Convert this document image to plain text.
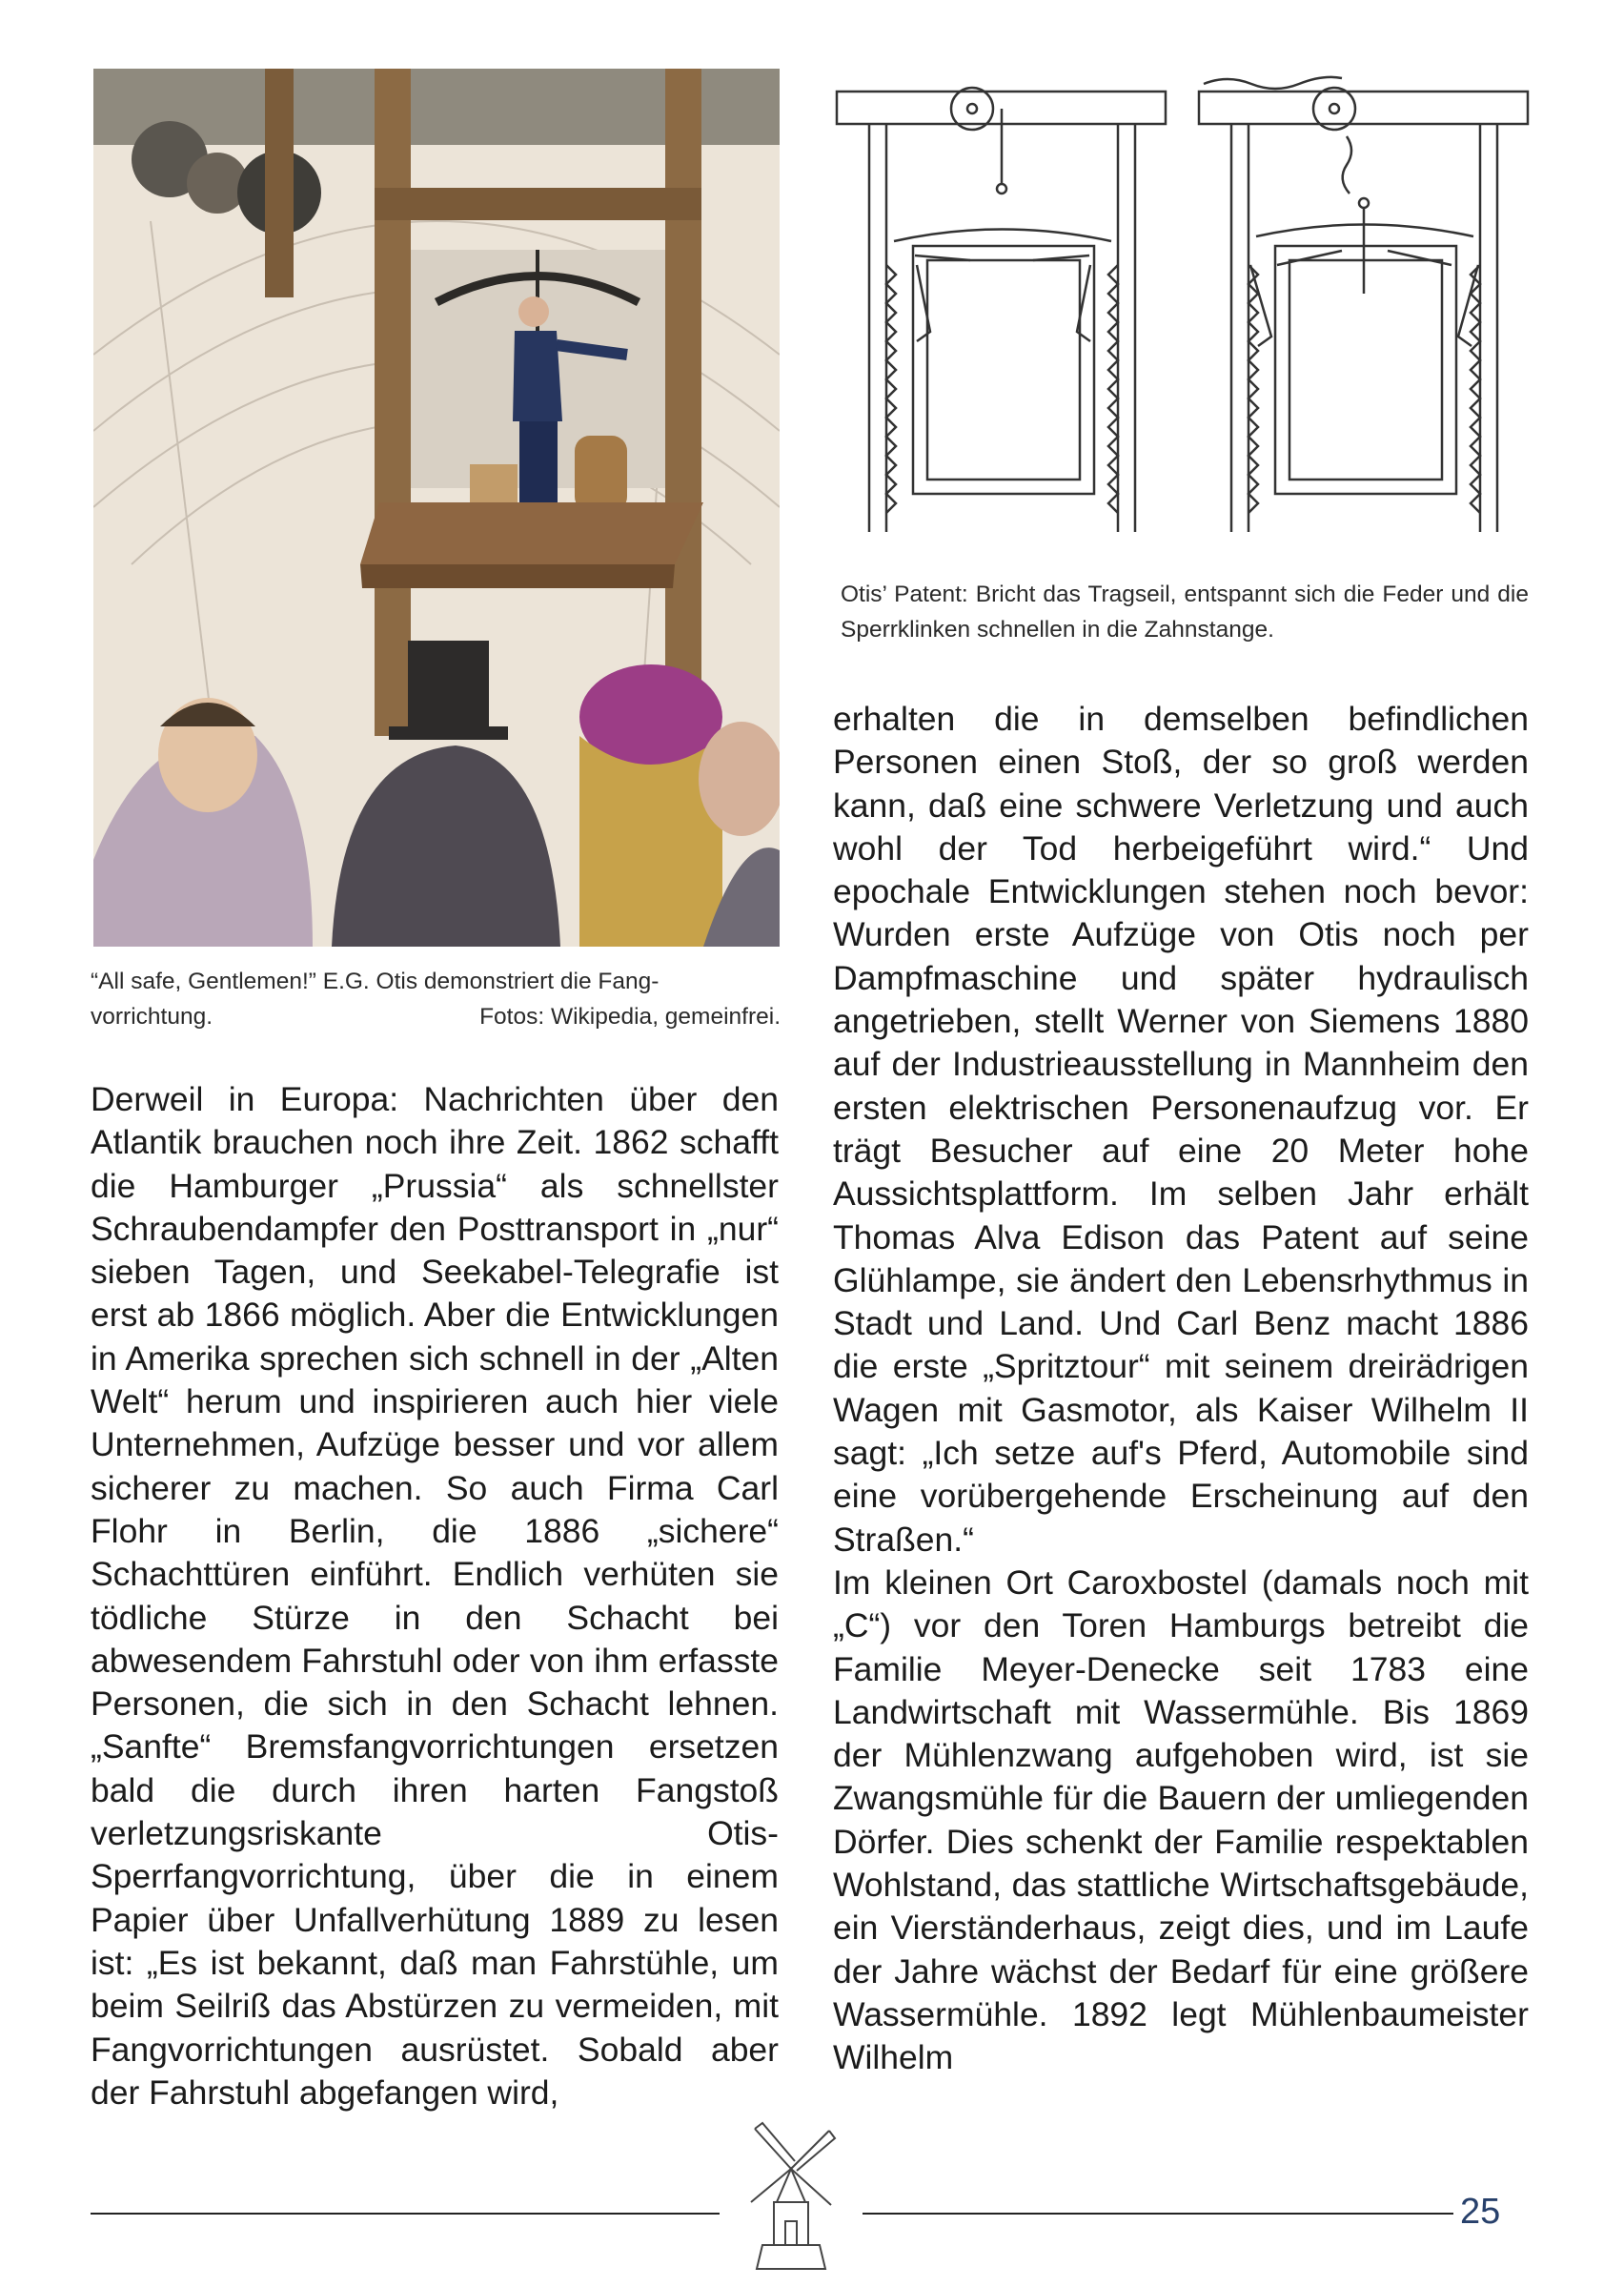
Otis’ Patent: Bricht das Tragseil, entspannt sich die Feder und die Sperrklinken schnellen in die Zahnstange.
“All safe, Gentlemen!” E.G. Otis demonstriert die Fang-
vorrichtung.	Fotos: Wikipedia, gemeinfrei.

Derweil in Europa: Nachrichten über den Atlantik brauchen noch ihre Zeit. 1862 schafft die Hamburger „Prussia“ als schnellster Schraubendampfer den Posttransport in „nur“ sieben Tagen, und Seekabel-Telegrafie ist erst ab 1866 möglich. Aber die Entwicklungen in Amerika sprechen sich schnell in der „Alten Welt“ herum und inspirieren auch hier viele Unternehmen, Aufzüge besser und vor allem sicherer zu machen. So auch Firma Carl Flohr in Berlin, die 1886 „sichere“ Schachttüren einführt. Endlich verhüten sie tödliche Stürze in den Schacht bei abwesendem Fahrstuhl oder von ihm erfasste Personen, die sich in den Schacht lehnen. „Sanfte“ Bremsfangvorrichtungen ersetzen bald die durch ihren harten Fangstoß verletzungsriskante Otis-Sperrfangvorrichtung, über die in einem Papier über Unfallverhütung 1889 zu lesen ist: „Es ist bekannt, daß man Fahrstühle, um beim Seilriß das Abstürzen zu vermeiden, mit Fangvorrichtungen ausrüstet. Sobald aber der Fahrstuhl abgefangen wird,

erhalten die in demselben befindlichen Personen einen Stoß, der so groß werden kann, daß eine schwere Verletzung und auch wohl der Tod herbeigeführt wird.“ Und epochale Entwicklungen stehen noch bevor: Wurden erste Aufzüge von Otis noch per Dampfmaschine und später hydraulisch angetrieben, stellt Werner von Siemens 1880 auf der Industrieausstellung in Mannheim den ersten elektrischen Personenaufzug vor. Er trägt Besucher auf eine 20 Meter hohe Aussichtsplattform. Im selben Jahr erhält Thomas Alva Edison das Patent auf seine Glühlampe, sie ändert den Lebensrhythmus in Stadt und Land. Und Carl Benz macht 1886 die erste „Spritztour“ mit seinem dreirädrigen Wagen mit Gasmotor, als Kaiser Wilhelm II sagt: „Ich setze auf's Pferd, Automobile sind eine vorübergehende Erscheinung auf den Straßen.“

Im kleinen Ort Caroxbostel (damals noch mit „C“) vor den Toren Hamburgs betreibt die Familie Meyer-Denecke seit 1783 eine Landwirtschaft mit Wassermühle. Bis 1869 der Mühlenzwang aufgehoben wird, ist sie Zwangsmühle für die Bauern der umliegenden Dörfer. Dies schenkt der Familie respektablen Wohlstand, das stattliche Wirtschaftsgebäude, ein Vierständerhaus, zeigt dies, und im Laufe der Jahre wächst der Bedarf für eine größere Wassermühle. 1892 legt Mühlenbaumeister Wilhelm

25
